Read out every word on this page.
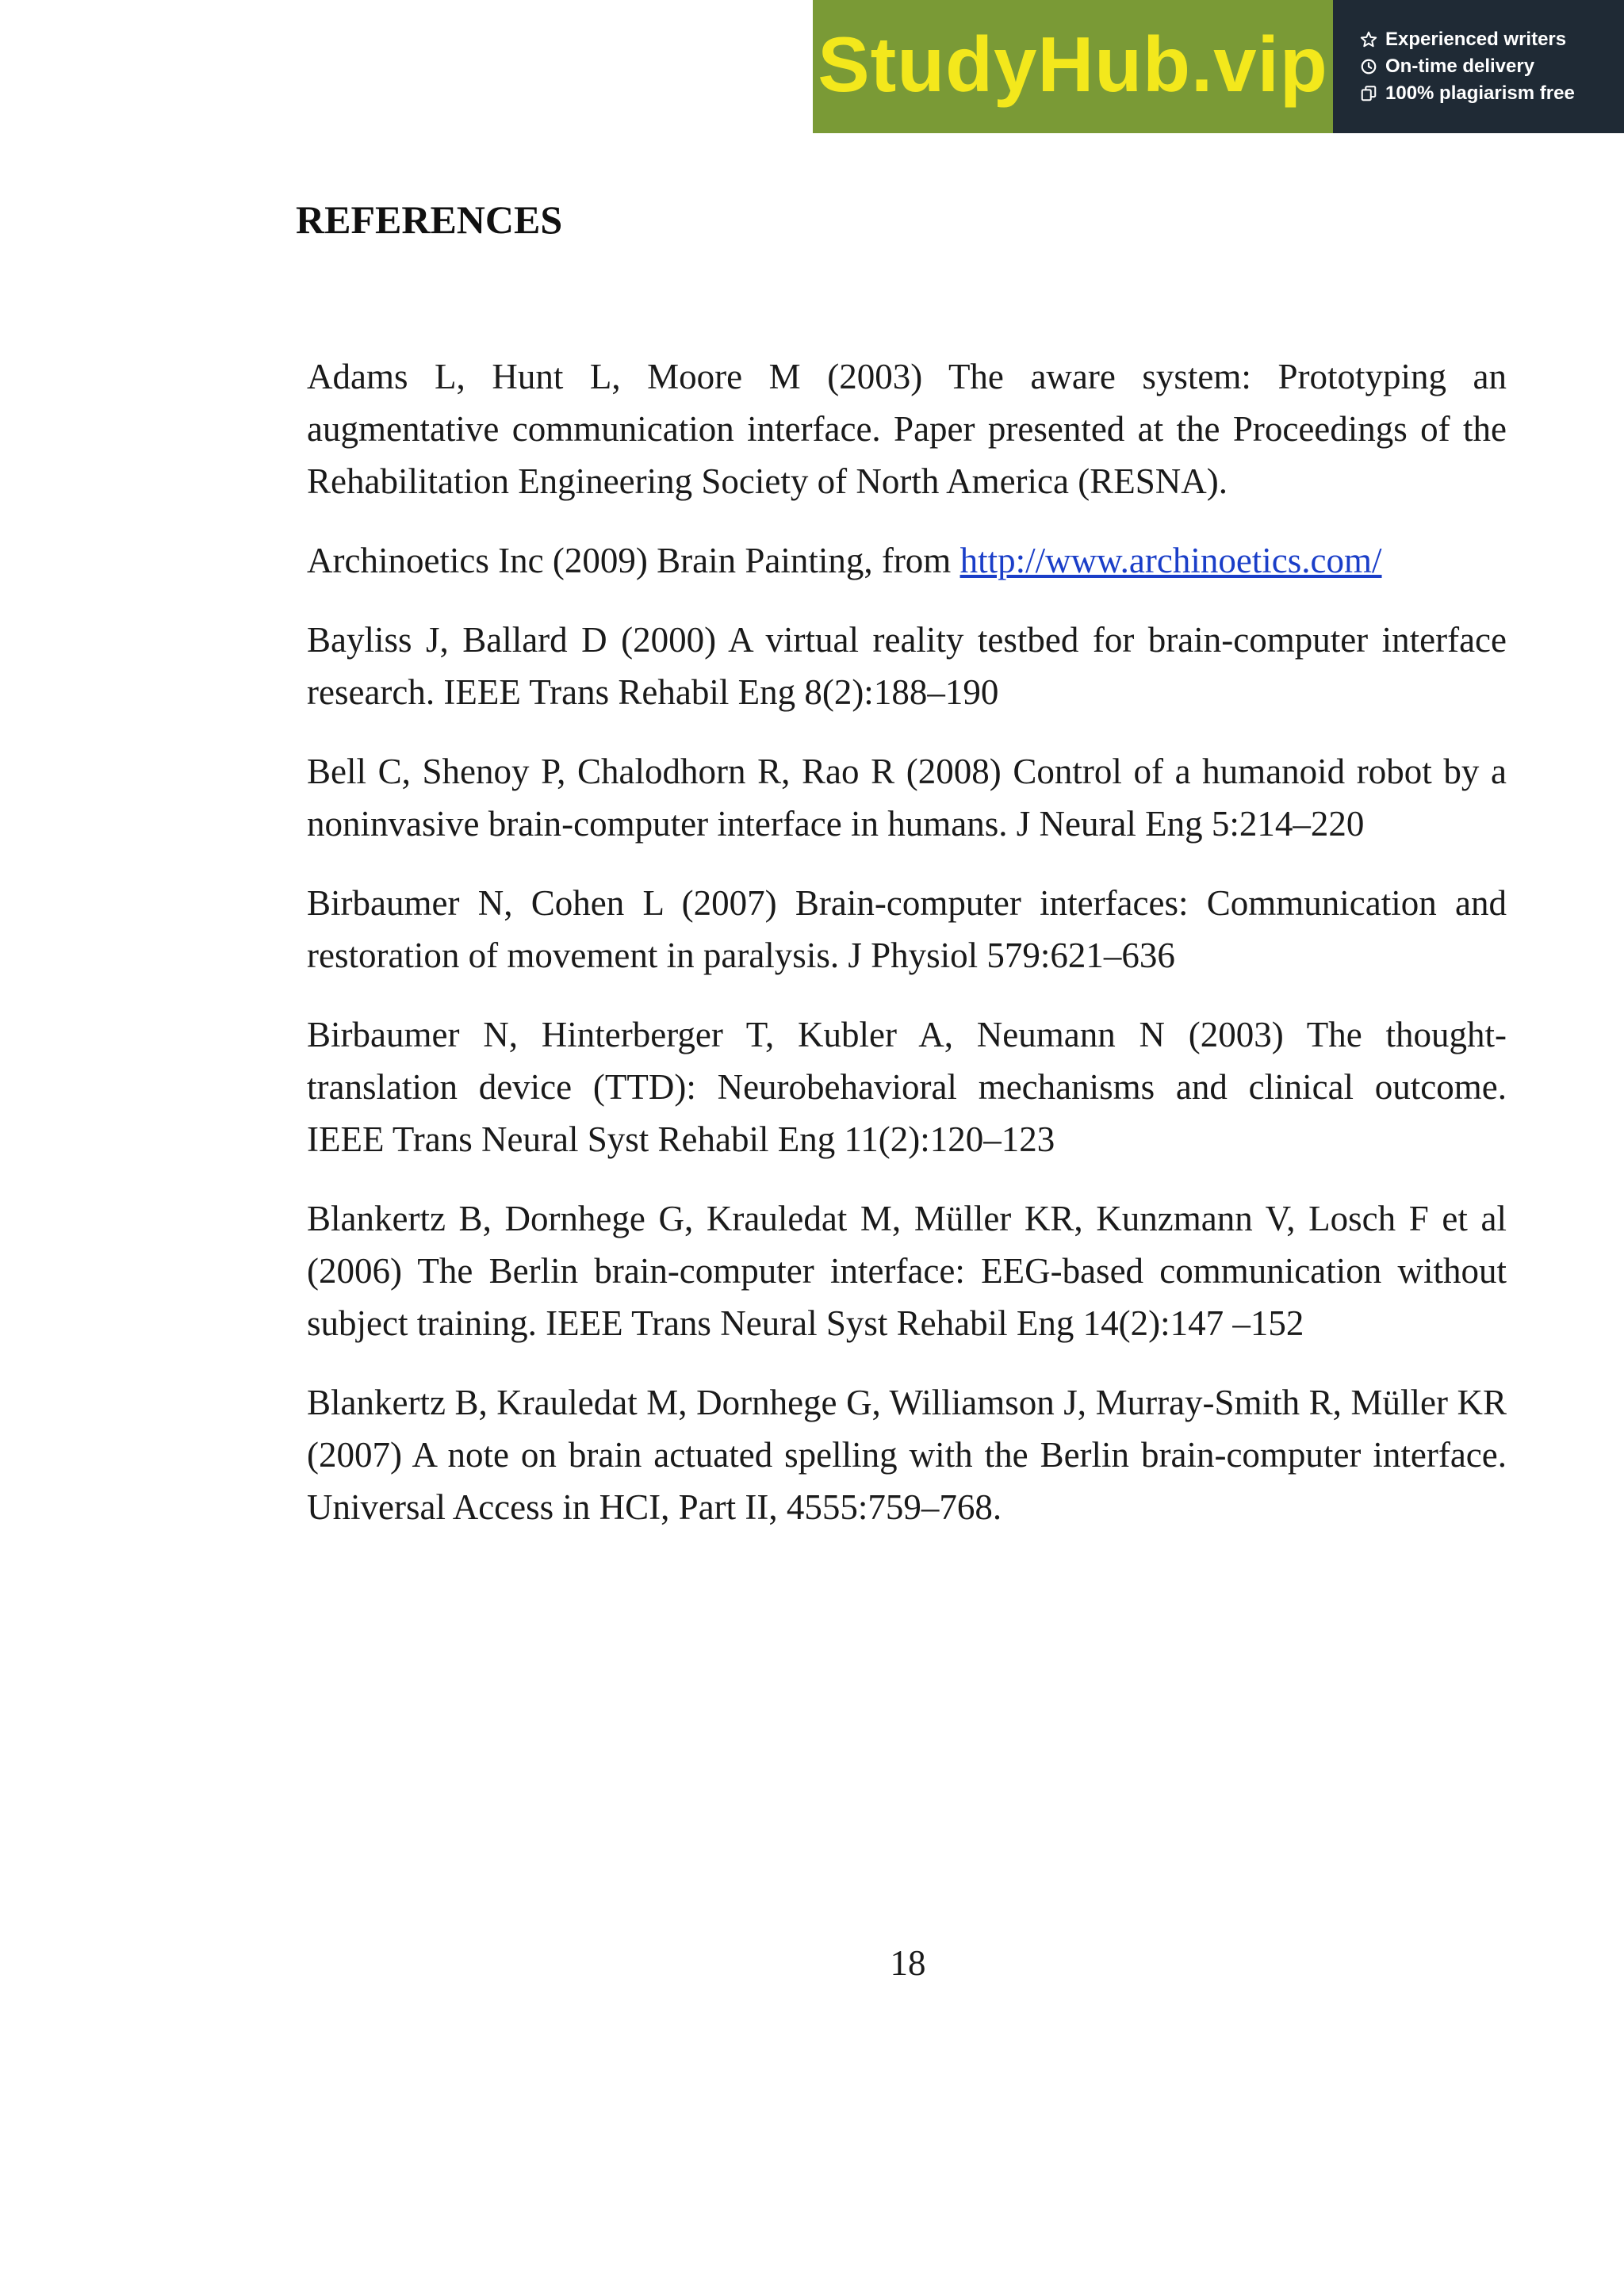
StudyHub.vip	Experienced writers
On-time delivery
100% plagiarism free
REFERENCES

Adams L, Hunt L, Moore M (2003) The aware system: Prototyping an augmentative communication interface. Paper presented at the Proceedings of the Rehabilitation Engineering Society of North America (RESNA).

Archinoetics Inc (2009) Brain Painting, from http://www.archinoetics.com/

Bayliss J, Ballard D (2000) A virtual reality testbed for brain-computer interface research. IEEE Trans Rehabil Eng 8(2):188–190

Bell C, Shenoy P, Chalodhorn R, Rao R (2008) Control of a humanoid robot by a noninvasive brain-computer interface in humans. J Neural Eng 5:214–220

Birbaumer N, Cohen L (2007) Brain-computer interfaces: Communication and restoration of movement in paralysis. J Physiol 579:621–636

Birbaumer N, Hinterberger T, Kubler A, Neumann N (2003) The thought-translation device (TTD): Neurobehavioral mechanisms and clinical outcome. IEEE Trans Neural Syst Rehabil Eng 11(2):120–123

Blankertz B, Dornhege G, Krauledat M, Müller KR, Kunzmann V, Losch F et al (2006) The Berlin brain-computer interface: EEG-based communication without subject training. IEEE Trans Neural Syst Rehabil Eng 14(2):147 –152

Blankertz B, Krauledat M, Dornhege G, Williamson J, Murray-Smith R, Müller KR (2007) A note on brain actuated spelling with the Berlin brain-computer interface. Universal Access in HCI, Part II, 4555:759–768.

18
